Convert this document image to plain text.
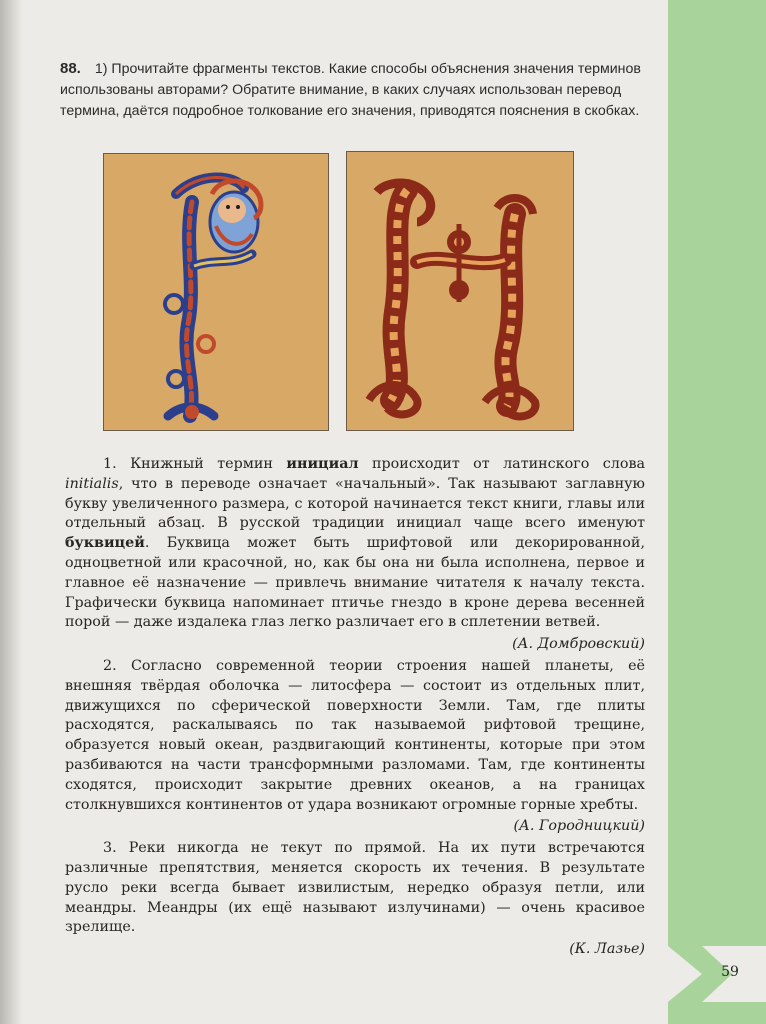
88. 1) Прочитайте фрагменты текстов. Какие способы объяснения значения терминов использованы авторами? Обратите внимание, в каких случаях использован перевод термина, даётся подробное толкование его значения, приводятся пояснения в скобках.

1. Книжный термин инициал происходит от латинского слова initialis, что в переводе означает «начальный». Так называют заглавную букву увеличенного размера, с которой начинается текст книги, главы или отдельный абзац. В русской традиции инициал чаще всего именуют буквицей. Буквица может быть шрифтовой или декорированной, одноцветной или красочной, но, как бы она ни была исполнена, первое и главное её назначение — привлечь внимание читателя к началу текста. Графически буквица напоминает птичье гнездо в кроне дерева весенней порой — даже издалека глаз легко различает его в сплетении ветвей.

(А. Домбровский)

2. Согласно современной теории строения нашей планеты, её внешняя твёрдая оболочка — литосфера — состоит из отдельных плит, движущихся по сферической поверхности Земли. Там, где плиты расходятся, раскалываясь по так называемой рифтовой трещине, образуется новый океан, раздвигающий континенты, которые при этом разбиваются на части трансформными разломами. Там, где континенты сходятся, происходит закрытие древних океанов, а на границах столкнувшихся континентов от удара возникают огромные горные хребты.

(А. Городницкий)

3. Реки никогда не текут по прямой. На их пути встречаются различные препятствия, меняется скорость их течения. В результате русло реки всегда бывает извилистым, нередко образуя петли, или меандры. Меандры (их ещё называют излучинами) — очень красивое зрелище.

(К. Лазье)
59
